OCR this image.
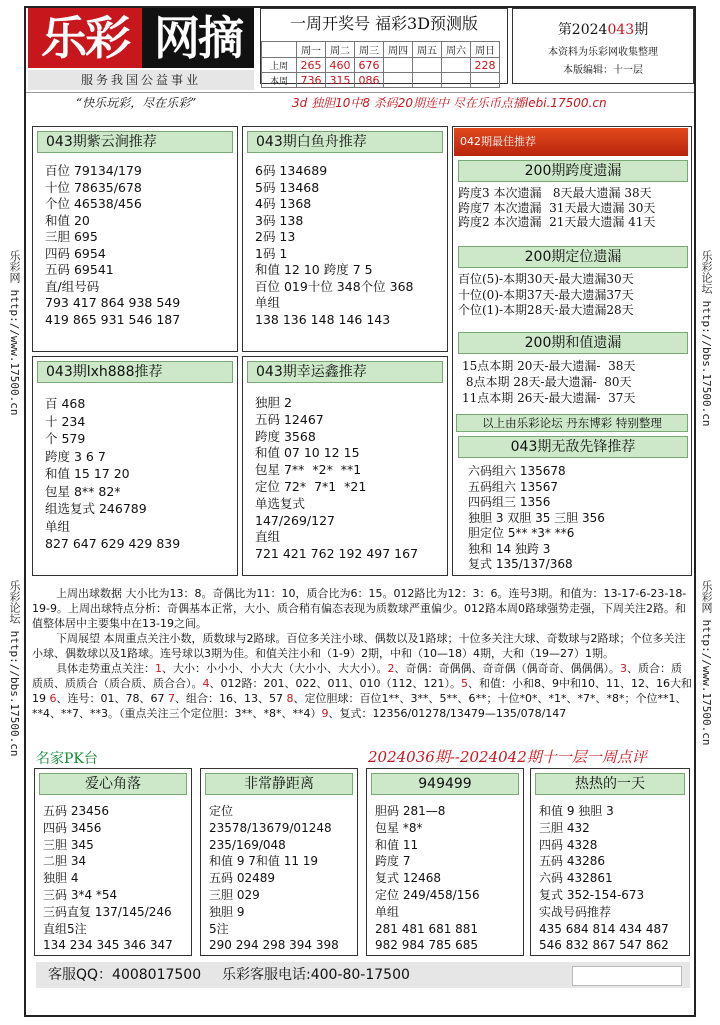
乐彩 网摘
服务我国公益事业
一周开奖号 福彩3D预测版
	周一	周二	周三	周四	周五	周六	周日
上周	265	460	676				228
本周	736	315	086				
第2024043期
本资料为乐彩网收集整理
本版编辑：十一层
“快乐玩彩，尽在乐彩”	3d 独胆10中8 杀码20期连中 尽在乐币点播lebi.17500.cn
乐彩网 http://www.17500.cn
乐彩论坛 http://bbs.17500.cn
乐彩论坛 http://bbs.17500.cn
乐彩网 http://www.17500.cn
043期紫云涧推荐
百位 79134/179
十位 78635/678
个位 46538/456
和值 20
三胆 695
四码 6954
五码 69541
直/组号码
793 417 864 938 549
419 865 931 546 187
043期白鱼舟推荐
6码 134689
5码 13468
4码 1368
3码 138
2码 13
1码 1
和值 12 10 跨度 7 5
百位 019十位 348个位 368
单组
138 136 148 146 143
043期lxh888推荐
百 468
十 234
个 579
跨度 3 6 7
和值 15 17 20
包星 8** 82*
组选复式 246789
单组
827 647 629 429 839
043期幸运鑫推荐
独胆 2
五码 12467
跨度 3568
和值 07 10 12 15
包星 7**  *2*  **1
定位 72*  7*1  *21
单选复式
147/269/127
直组
721 421 762 192 497 167
042期最佳推荐
200期跨度遗漏
跨度3 本次遗漏   8天最大遗漏 38天
跨度7 本次遗漏  31天最大遗漏 30天
跨度2 本次遗漏  21天最大遗漏 41天
200期定位遗漏
百位(5)-本期30天-最大遗漏30天
十位(0)-本期37天-最大遗漏37天
个位(1)-本期28天-最大遗漏28天
200期和值遗漏
15点本期 20天-最大遗漏-  38天
8点本期 28天-最大遗漏-  80天
11点本期 26天-最大遗漏-  37天
以上由乐彩论坛 丹东博彩 特别整理
043期无敌先锋推荐
六码组六 135678
五码组六 13567
四码组三 1356
独胆 3 双胆 35 三胆 356
胆定位 5** *3* **6
独和 14 独跨 3
复式 135/137/368

上周出球数据 大小比为13：8。奇偶比为11：10，质合比为6：15。012路比为12：3：6。连号3期。和值为：13-17-6-23-18-19-9。上周出球特点分析：奇偶基本正常，大小、质合稍有偏态表现为质数球严重偏少。012路本周0路球强势走强，下周关注2路。和值整体居中主要集中在13-19之间。

下周展望 本周重点关注小数，质数球与2路球。百位多关注小球、偶数以及1路球；十位多关注大球、奇数球与2路球；个位多关注小球、偶数球以及1路球。连号球以3期为佳。和值关注小和（1-9）2期，中和（10—18）4期，大和（19—27）1期。

具体走势重点关注：1、大小：小小小、小大大（大小小、大大小）。2、奇偶：奇偶偶、奇奇偶（偶奇奇、偶偶偶）。3、质合：质质质、质质合（质合质、质合合）。4、012路：201、022、011、010（112、121）。5、和值：小和8、9中和10、11、12、16大和19 6、连号：01、78、67 7、组合：16、13、57 8、定位胆球：百位1**、3**、5**、6**；十位*0*、*1*、*7*、*8*；个位**1、**4、**7、**3。（重点关注三个定位胆：3**、*8*、**4）9、复式：12356/01278/13479—135/078/147

名家PK台	2024036期--2024042期十一层一周点评
爱心角落
五码 23456
四码 3456
三胆 345
二胆 34
独胆 4
三码 3*4 *54
三码直复 137/145/246
直组5注
134 234 345 346 347
非常静距离
定位
23578/13679/01248
235/169/048
和值 9 7和值 11 19
五码 02489
三胆 029
独胆 9
5注
290 294 298 394 398
949499
胆码 281—8
包星 *8*
和值 11
跨度 7
复式 12468
定位 249/458/156
单组
281 481 681 881
982 984 785 685
热热的一天
和值 9 独胆 3
三胆 432
四码 4328
五码 43286
六码 432861
复式 352-154-673
实战号码推荐
435 684 814 434 487
546 832 867 547 862
客服QQ：4008017500 乐彩客服电话:400-80-17500
